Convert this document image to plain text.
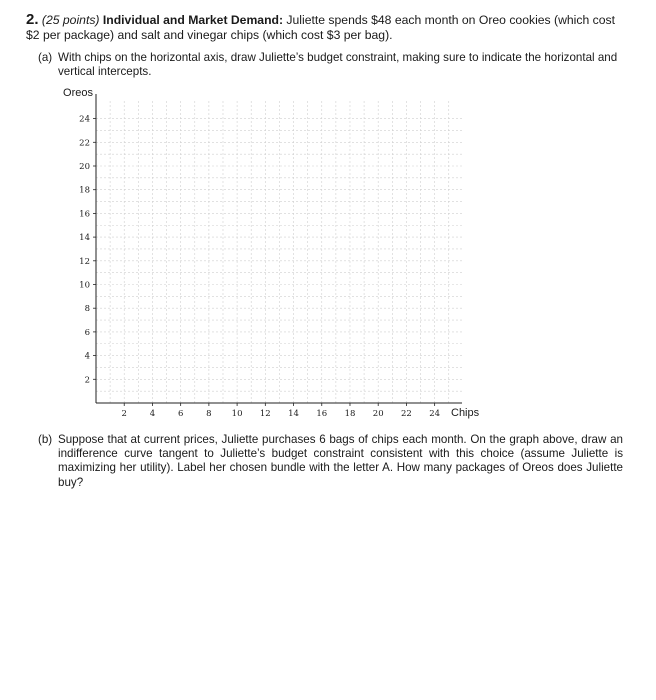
2. (25 points) Individual and Market Demand: Juliette spends $48 each month on Oreo cookies (which cost $2 per package) and salt and vinegar chips (which cost $3 per bag).
(a) With chips on the horizontal axis, draw Juliette’s budget constraint, making sure to indicate the horizontal and vertical intercepts.
2	4	6	8 10 12 14 16 18 20 22 24
2
4
6
8
10
12
14
16
18
20
22
24
Oreos
Chips
(b) Suppose that at current prices, Juliette purchases 6 bags of chips each month. On the graph above, draw an indifference curve tangent to Juliette’s budget constraint consistent with this choice (assume Juliette is maximizing her utility). Label her chosen bundle with the letter A. How many packages of Oreos does Juliette buy?
